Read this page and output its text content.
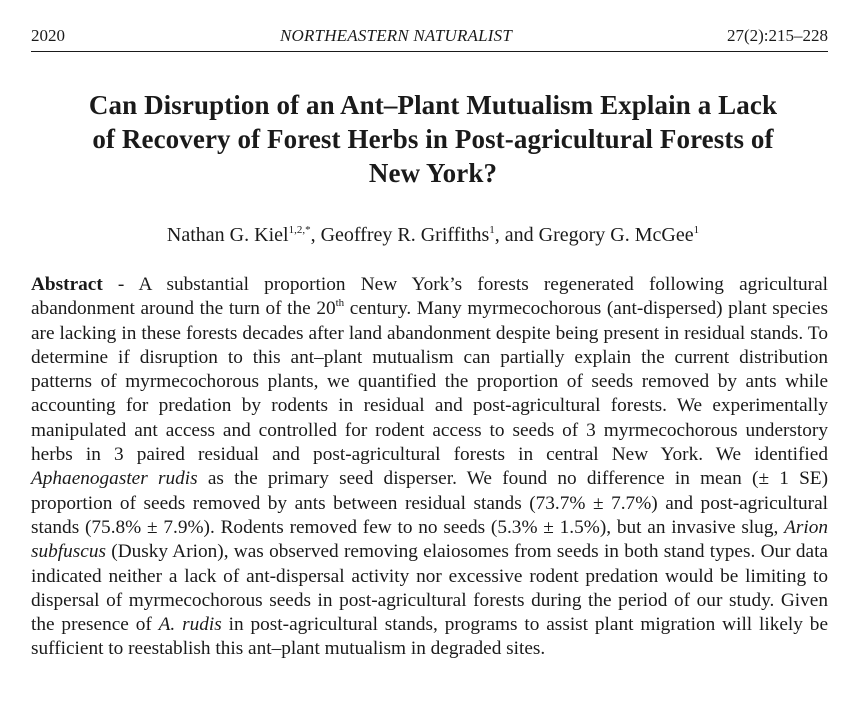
2020	NORTHEASTERN NATURALIST	27(2):215–228
Can Disruption of an Ant–Plant Mutualism Explain a Lack
of Recovery of Forest Herbs in Post-agricultural Forests of
New York?
Nathan G. Kiel$^{1,2,*}$, Geoffrey R. Griffiths$^1$, and Gregory G. McGee$^1$

Abstract - A substantial proportion New York’s forests regenerated following agricultural abandonment around the turn of the 20th century. Many myrmecochorous (ant-dispersed) plant species are lacking in these forests decades after land abandonment despite being present in residual stands. To determine if disruption to this ant–plant mutualism can partially explain the current distribution patterns of myrmecochorous plants, we quantified the proportion of seeds removed by ants while accounting for predation by rodents in residual and post-agricultural forests. We experimentally manipulated ant access and controlled for rodent access to seeds of 3 myrmecochorous understory herbs in 3 paired residual and post-agricultural forests in central New York. We identified Aphaenogaster rudis as the primary seed disperser. We found no difference in mean (± 1 SE) proportion of seeds removed by ants between residual stands (73.7% ± 7.7%) and post-agricultural stands (75.8% ± 7.9%). Rodents removed few to no seeds (5.3% ± 1.5%), but an invasive slug, Arion subfuscus (Dusky Arion), was observed removing elaiosomes from seeds in both stand types. Our data indicated neither a lack of ant-dispersal activity nor excessive rodent predation would be limiting to dispersal of myrmecochorous seeds in post-agricultural forests during the period of our study. Given the presence of A. rudis in post-agricultural stands, programs to assist plant migration will likely be sufficient to reestablish this ant–plant mutualism in degraded sites.
